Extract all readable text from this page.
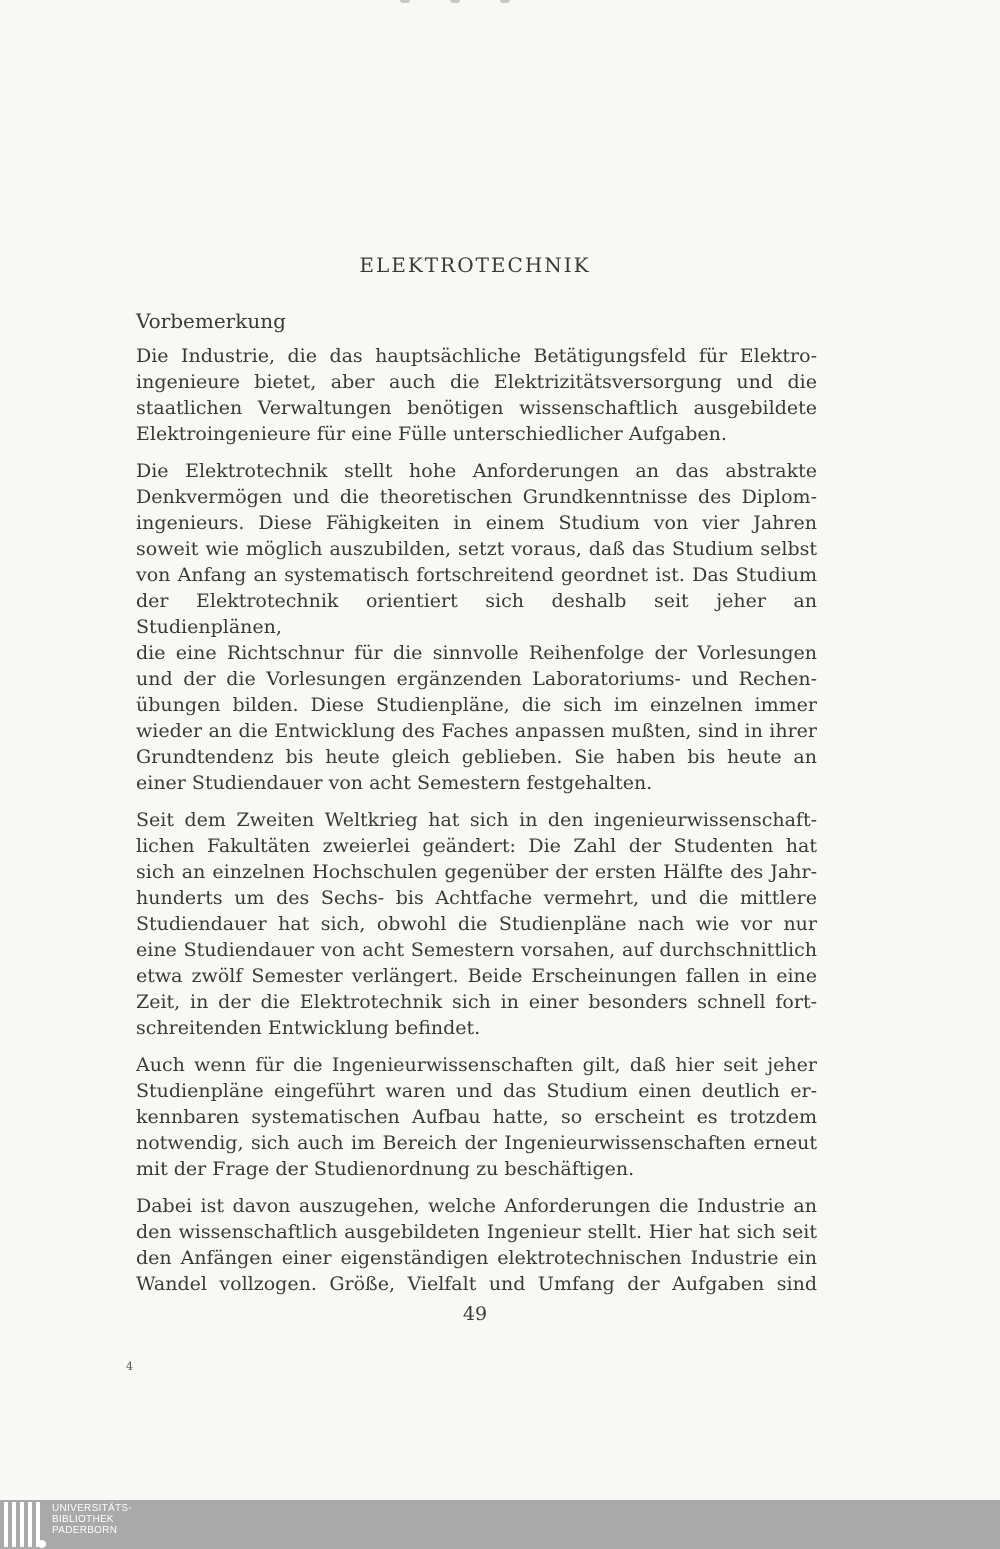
ELEKTROTECHNIK
Vorbemerkung

Die Industrie, die das hauptsächliche Betätigungsfeld für Elektro-
ingenieure bietet, aber auch die Elektrizitätsversorgung und die
staatlichen Verwaltungen benötigen wissenschaftlich ausgebildete
Elektroingenieure für eine Fülle unterschiedlicher Aufgaben.

Die Elektrotechnik stellt hohe Anforderungen an das abstrakte
Denkvermögen und die theoretischen Grundkenntnisse des Diplom-
ingenieurs. Diese Fähigkeiten in einem Studium von vier Jahren
soweit wie möglich auszubilden, setzt voraus, daß das Studium selbst
von Anfang an systematisch fortschreitend geordnet ist. Das Studium
der Elektrotechnik orientiert sich deshalb seit jeher an Studienplänen,
die eine Richtschnur für die sinnvolle Reihenfolge der Vorlesungen
und der die Vorlesungen ergänzenden Laboratoriums- und Rechen-
übungen bilden. Diese Studienpläne, die sich im einzelnen immer
wieder an die Entwicklung des Faches anpassen mußten, sind in ihrer
Grundtendenz bis heute gleich geblieben. Sie haben bis heute an
einer Studiendauer von acht Semestern festgehalten.

Seit dem Zweiten Weltkrieg hat sich in den ingenieurwissenschaft-
lichen Fakultäten zweierlei geändert: Die Zahl der Studenten hat
sich an einzelnen Hochschulen gegenüber der ersten Hälfte des Jahr-
hunderts um des Sechs- bis Achtfache vermehrt, und die mittlere
Studiendauer hat sich, obwohl die Studienpläne nach wie vor nur
eine Studiendauer von acht Semestern vorsahen, auf durchschnittlich
etwa zwölf Semester verlängert. Beide Erscheinungen fallen in eine
Zeit, in der die Elektrotechnik sich in einer besonders schnell fort-
schreitenden Entwicklung befindet.

Auch wenn für die Ingenieurwissenschaften gilt, daß hier seit jeher
Studienpläne eingeführt waren und das Studium einen deutlich er-
kennbaren systematischen Aufbau hatte, so erscheint es trotzdem
notwendig, sich auch im Bereich der Ingenieurwissenschaften erneut
mit der Frage der Studienordnung zu beschäftigen.

Dabei ist davon auszugehen, welche Anforderungen die Industrie an
den wissenschaftlich ausgebildeten Ingenieur stellt. Hier hat sich seit
den Anfängen einer eigenständigen elektrotechnischen Industrie ein
Wandel vollzogen. Größe, Vielfalt und Umfang der Aufgaben sind

49
4
UNIVERSITÄTS-
BIBLIOTHEK
PADERBORN
